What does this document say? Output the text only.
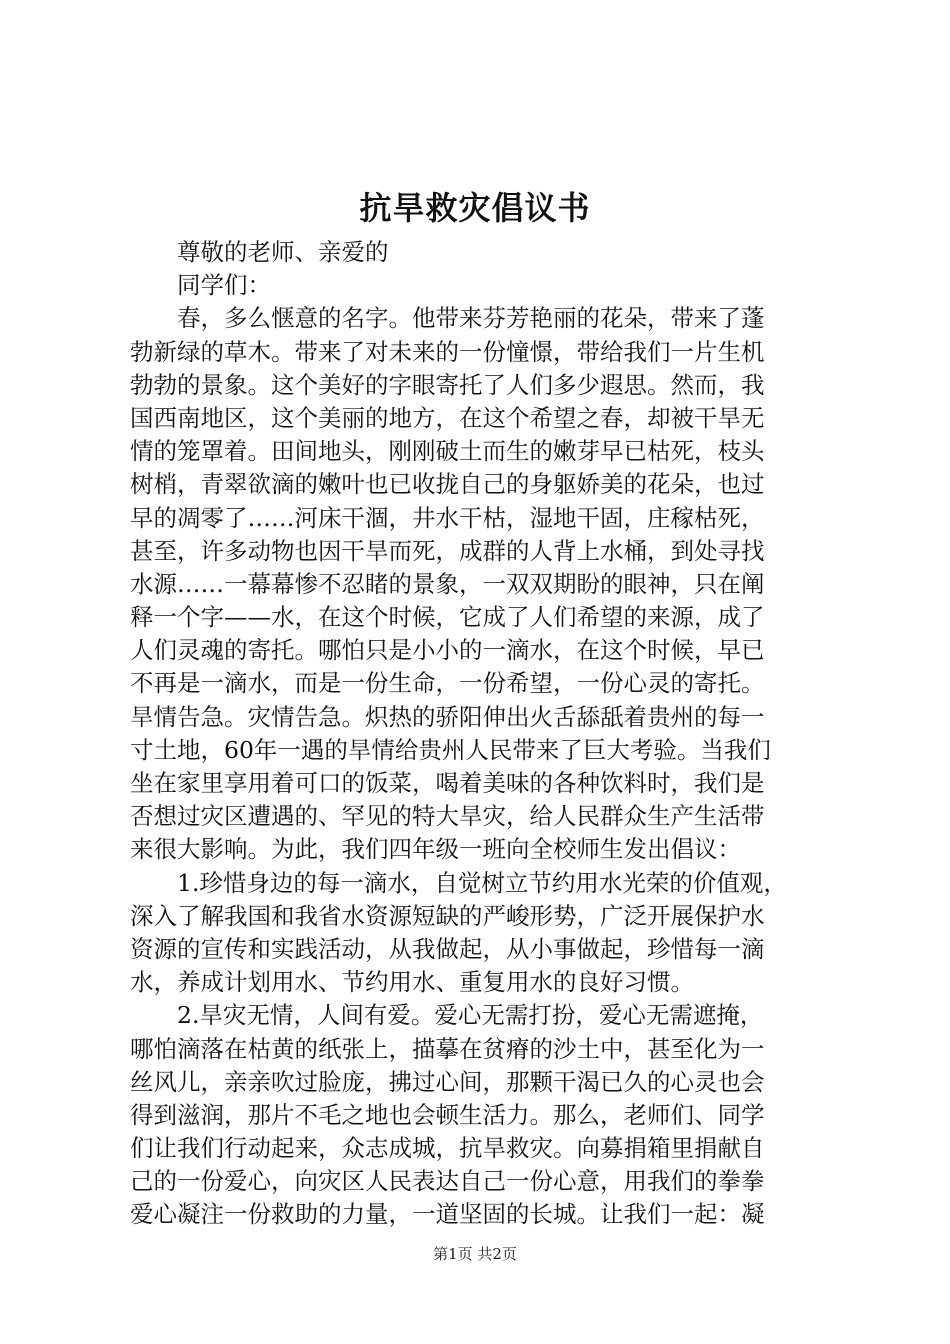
抗旱救灾倡议书
尊敬的老师、亲爱的
同学们：
春，多么惬意的名字。他带来芬芳艳丽的花朵，带来了蓬
勃新绿的草木。带来了对未来的一份憧憬，带给我们一片生机
勃勃的景象。这个美好的字眼寄托了人们多少遐思。然而，我
国西南地区，这个美丽的地方，在这个希望之春，却被干旱无
情的笼罩着。田间地头，刚刚破土而生的嫩芽早已枯死，枝头
树梢，青翠欲滴的嫩叶也已收拢自己的身躯娇美的花朵，也过
早的凋零了……河床干涸，井水干枯，湿地干固，庄稼枯死，
甚至，许多动物也因干旱而死，成群的人背上水桶，到处寻找
水源……一幕幕惨不忍睹的景象，一双双期盼的眼神，只在阐
释一个字——水，在这个时候，它成了人们希望的来源，成了
人们灵魂的寄托。哪怕只是小小的一滴水，在这个时候，早已
不再是一滴水，而是一份生命，一份希望，一份心灵的寄托。
旱情告急。灾情告急。炽热的骄阳伸出火舌舔舐着贵州的每一
寸土地，60年一遇的旱情给贵州人民带来了巨大考验。当我们
坐在家里享用着可口的饭菜，喝着美味的各种饮料时，我们是
否想过灾区遭遇的、罕见的特大旱灾，给人民群众生产生活带
来很大影响。为此，我们四年级一班向全校师生发出倡议：
1.珍惜身边的每一滴水，自觉树立节约用水光荣的价值观，
深入了解我国和我省水资源短缺的严峻形势，广泛开展保护水
资源的宣传和实践活动，从我做起，从小事做起，珍惜每一滴
水，养成计划用水、节约用水、重复用水的良好习惯。
2.旱灾无情，人间有爱。爱心无需打扮，爱心无需遮掩，
哪怕滴落在枯黄的纸张上，描摹在贫瘠的沙土中，甚至化为一
丝风儿，亲亲吹过脸庞，拂过心间，那颗干渴已久的心灵也会
得到滋润，那片不毛之地也会顿生活力。那么，老师们、同学
们让我们行动起来，众志成城，抗旱救灾。向募捐箱里捐献自
己的一份爱心，向灾区人民表达自己一份心意，用我们的拳拳
爱心凝注一份救助的力量，一道坚固的长城。让我们一起：凝
第1页 共2页
